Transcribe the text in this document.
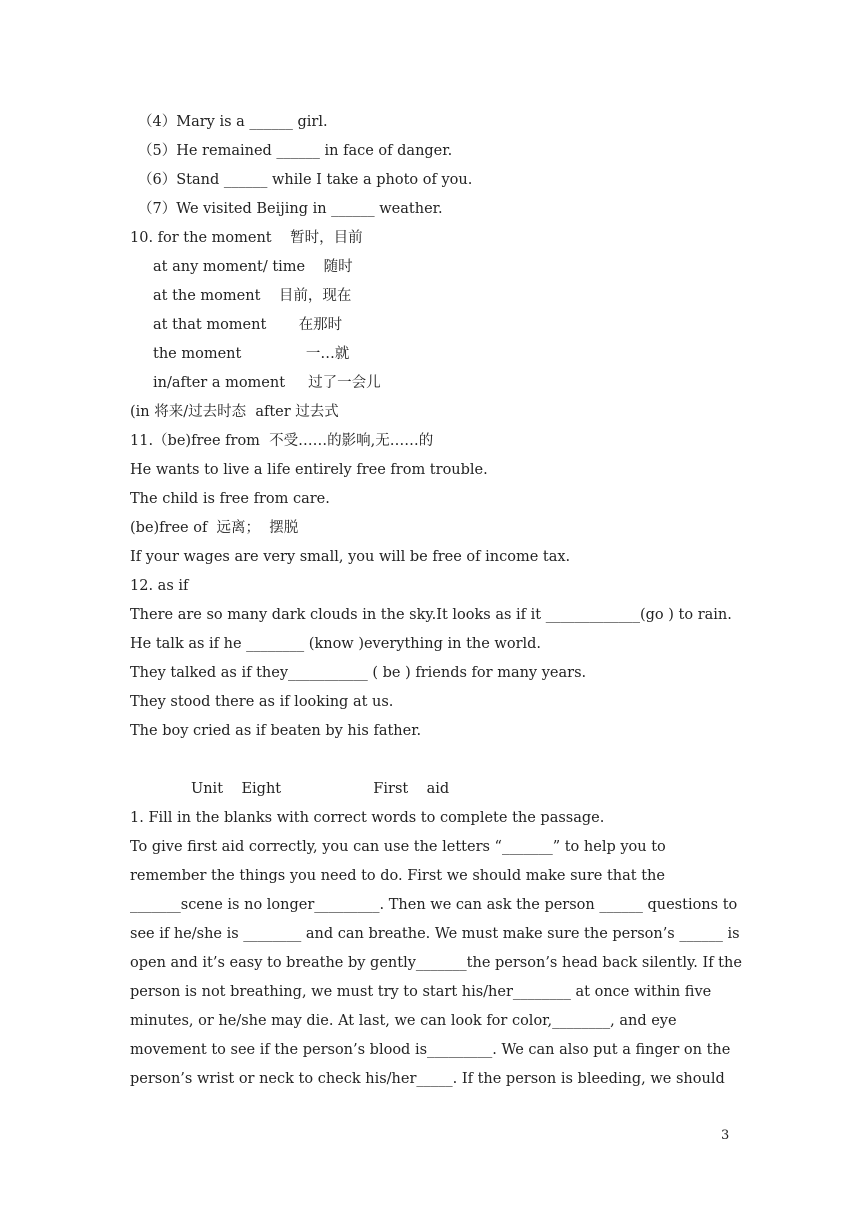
3
（4）Mary is a ______ girl.
（5）He remained ______ in face of danger.
（6）Stand ______ while I take a photo of you.
（7）We visited Beijing in ______ weather.
10. for the moment    暂时，目前
at any moment/ time    随时
at the moment    目前，现在
at that moment       在那时
the moment              一…就
in/after a moment     过了一会儿
(in 将来/过去时态  after 过去式
11.（be)free from  不受……的影响,无……的
He wants to live a life entirely free from trouble.
The child is free from care.
(be)free of  远离；  摆脱
If your wages are very small, you will be free of income tax.
12. as if
There are so many dark clouds in the sky.It looks as if it _____________(go ) to rain.
He talk as if he ________ (know )everything in the world.
They talked as if they___________ ( be ) friends for many years.
They stood there as if looking at us.
The boy cried as if beaten by his father.
Unit    Eight                    First    aid
1. Fill in the blanks with correct words to complete the passage.
To give first aid correctly, you can use the letters “_______” to help you to
remember the things you need to do. First we should make sure that the
_______scene is no longer_________. Then we can ask the person ______ questions to
see if he/she is ________ and can breathe. We must make sure the person’s ______ is
open and it’s easy to breathe by gently_______the person’s head back silently. If the
person is not breathing, we must try to start his/her________ at once within five
minutes, or he/she may die. At last, we can look for color,________, and eye
movement to see if the person’s blood is_________. We can also put a finger on the
person’s wrist or neck to check his/her_____. If the person is bleeding, we should
